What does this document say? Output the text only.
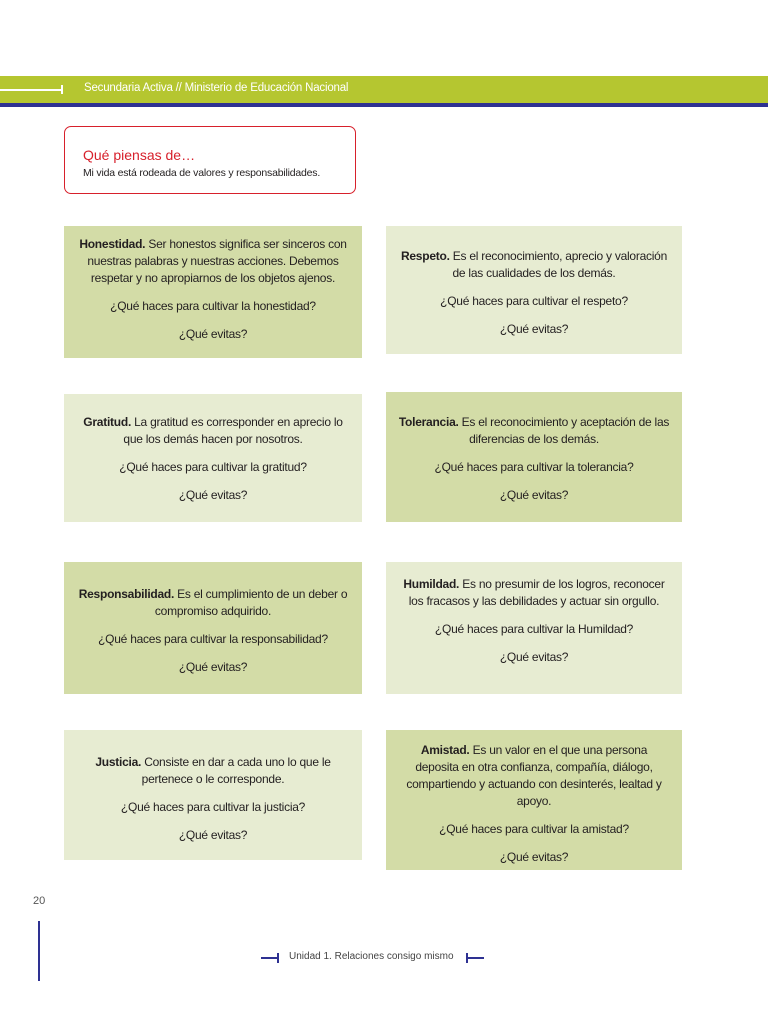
Secundaria Activa // Ministerio de Educación Nacional
Qué piensas de…
Mi vida está rodeada de valores y responsabilidades.

Honestidad. Ser honestos significa ser sinceros con nuestras palabras y nuestras acciones. Debemos respetar y no apropiarnos de los objetos ajenos.

¿Qué haces para cultivar la honestidad?

¿Qué evitas?

Respeto. Es el reconocimiento, aprecio y valoración de las cualidades de los demás.

¿Qué haces para cultivar el respeto?

¿Qué evitas?

Gratitud. La gratitud es corresponder en aprecio lo que los demás hacen por nosotros.

¿Qué haces para cultivar la gratitud?

¿Qué evitas?

Tolerancia. Es el reconocimiento y aceptación de las diferencias de los demás.

¿Qué haces para cultivar la tolerancia?

¿Qué evitas?

Responsabilidad. Es el cumplimiento de un deber o compromiso adquirido.

¿Qué haces para cultivar la responsabilidad?

¿Qué evitas?

Humildad. Es no presumir de los logros, reconocer los fracasos y las debilidades y actuar sin orgullo.

¿Qué haces para cultivar la Humildad?

¿Qué evitas?

Justicia. Consiste en dar a cada uno lo que le pertenece o le corresponde.

¿Qué haces para cultivar la justicia?

¿Qué evitas?

Amistad. Es un valor en el que una persona deposita en otra confianza, compañía, diálogo, compartiendo y actuando con desinterés, lealtad y apoyo.

¿Qué haces para cultivar la amistad?

¿Qué evitas?

20
Unidad 1. Relaciones consigo mismo
